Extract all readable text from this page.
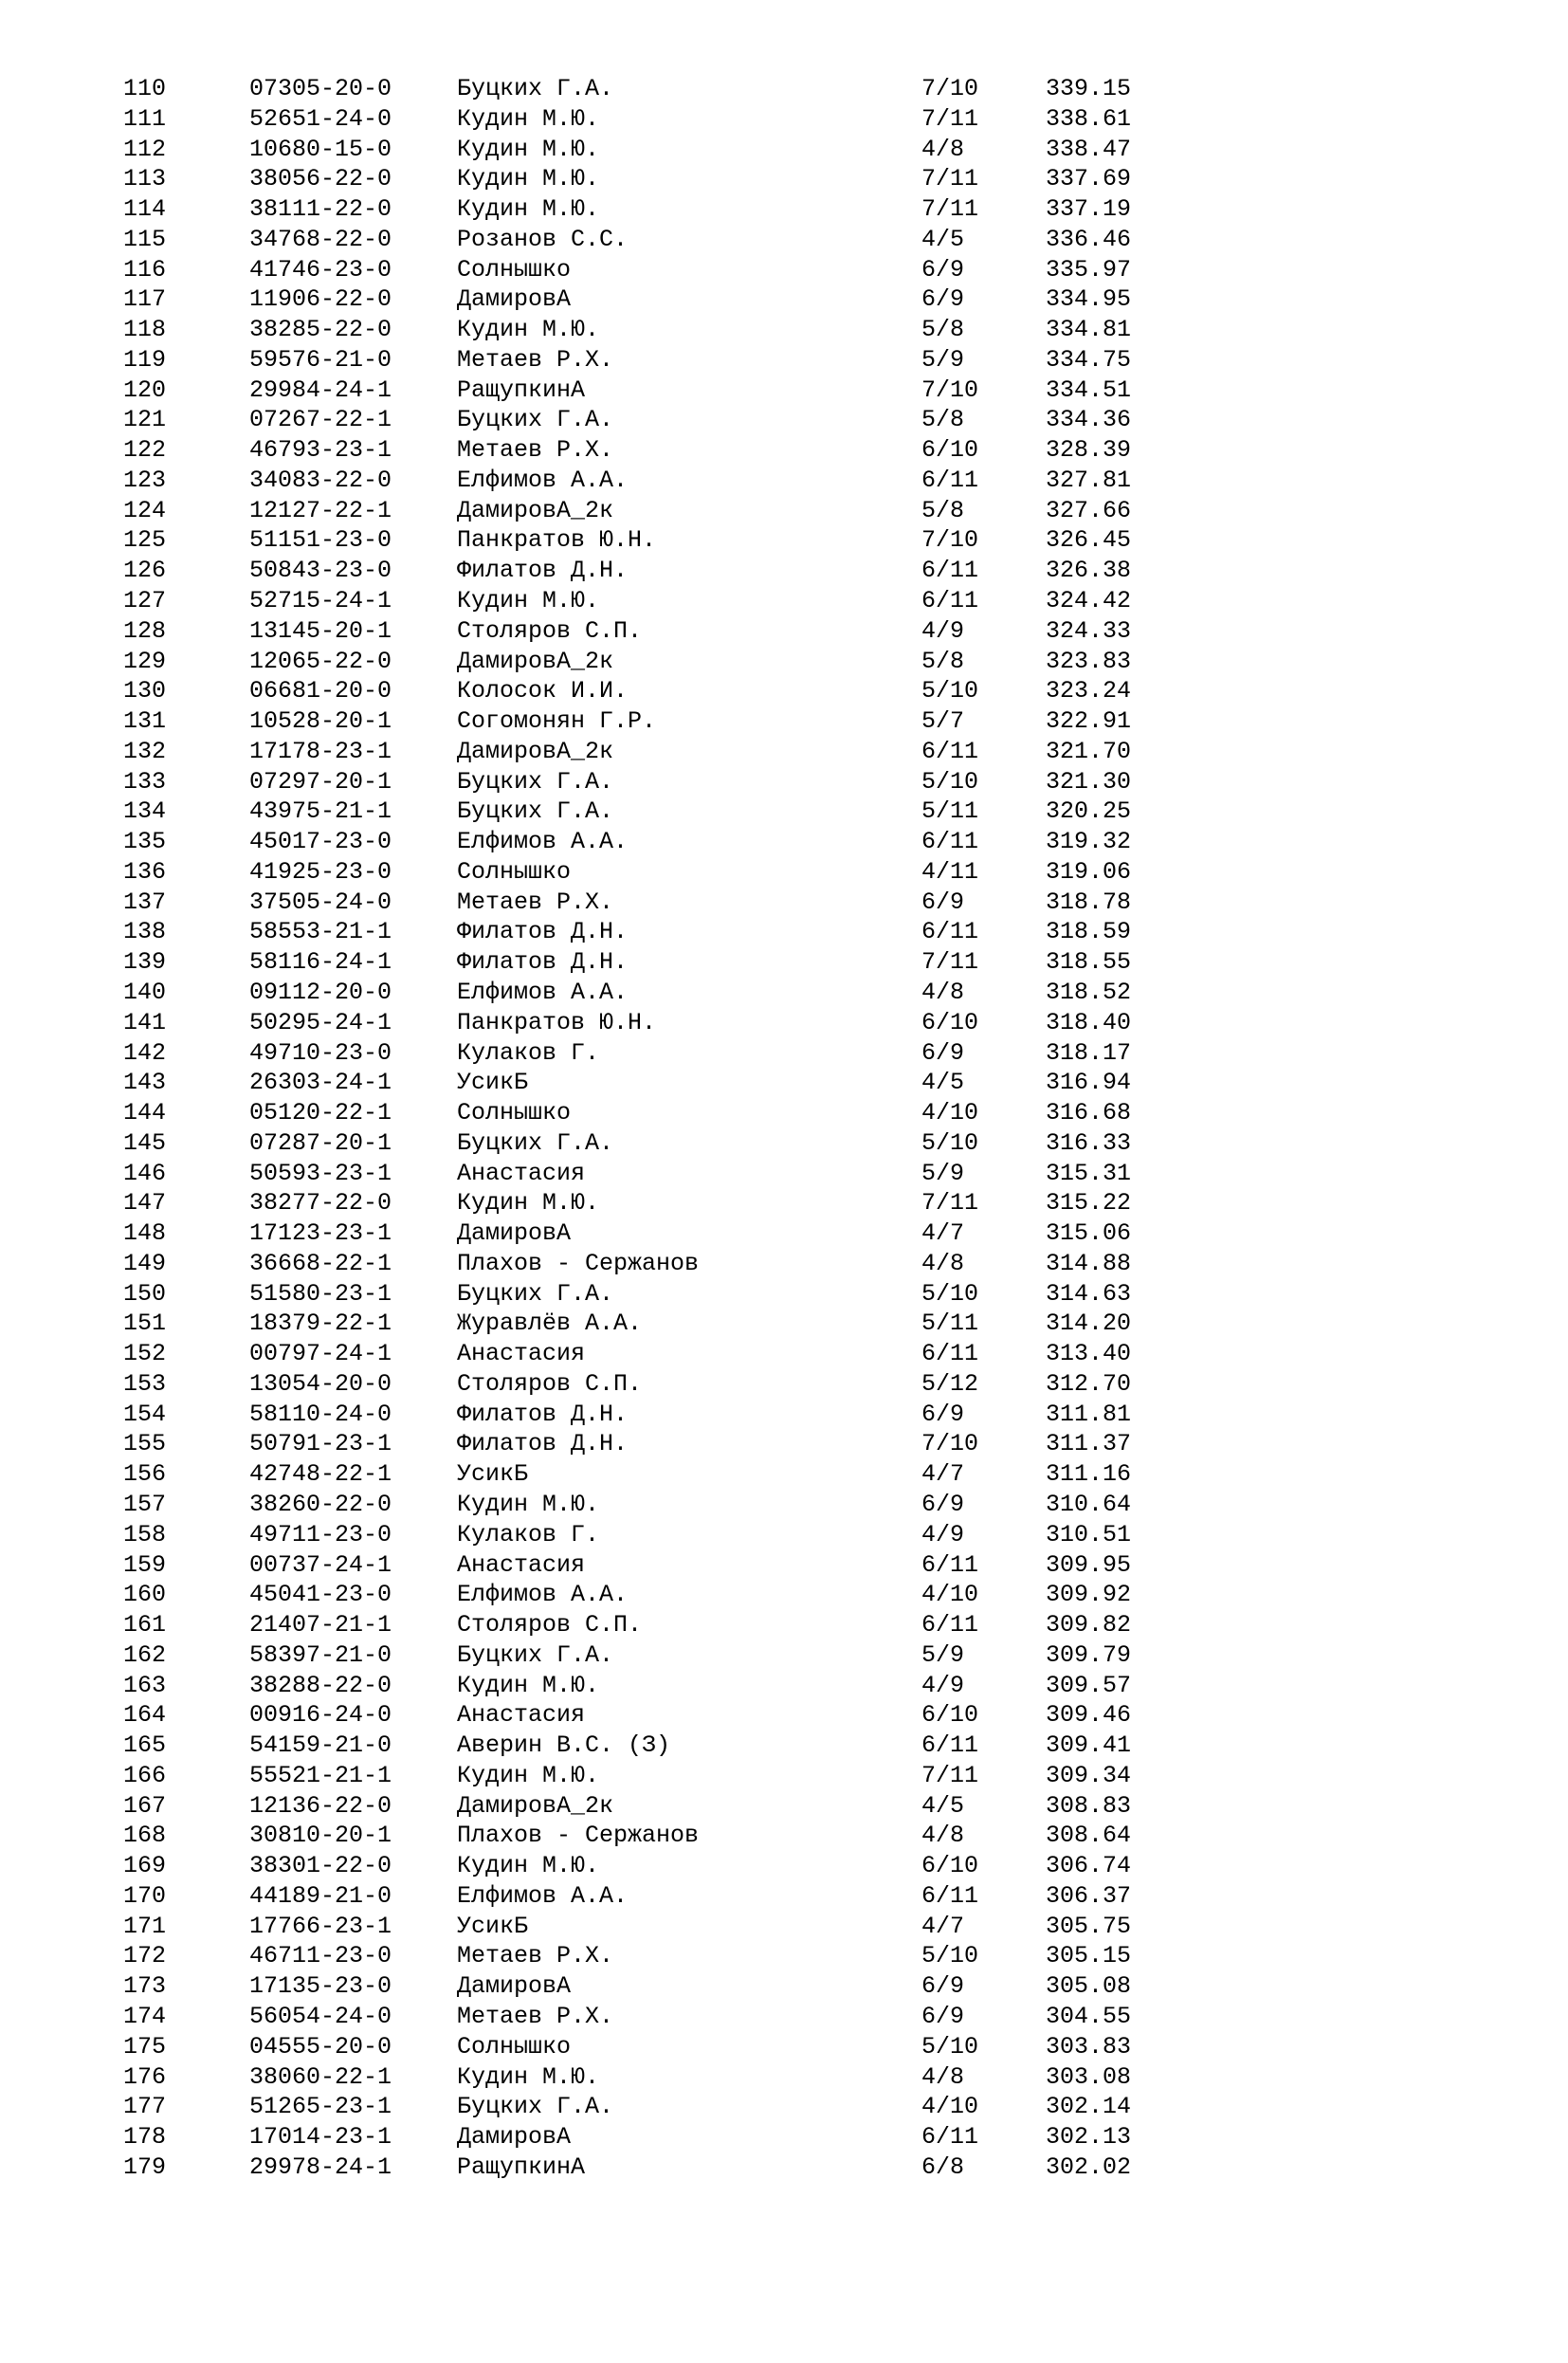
110

	07305-20-0

	Буцких Г.А.

	7/10

	339.15

111

	52651-24-0

	Кудин М.Ю.

	7/11

	338.61

112

	10680-15-0

	Кудин М.Ю.

	4/8

	338.47

113

	38056-22-0

	Кудин М.Ю.

	7/11

	337.69

114

	38111-22-0

	Кудин М.Ю.

	7/11

	337.19

115

	34768-22-0

	Розанов С.С.

	4/5

	336.46

116

	41746-23-0

	Солнышко

	6/9

	335.97

117

	11906-22-0

	ДамировА

	6/9

	334.95

118

	38285-22-0

	Кудин М.Ю.

	5/8

	334.81

119

	59576-21-0

	Метаев Р.Х.

	5/9

	334.75

120

	29984-24-1

	РащупкинА

	7/10

	334.51

121

	07267-22-1

	Буцких Г.А.

	5/8

	334.36

122

	46793-23-1

	Метаев Р.Х.

	6/10

	328.39

123

	34083-22-0

	Елфимов А.А.

	6/11

	327.81

124

	12127-22-1

	ДамировА_2к

	5/8

	327.66

125

	51151-23-0

	Панкратов Ю.Н.

	7/10

	326.45

126

	50843-23-0

	Филатов Д.Н.

	6/11

	326.38

127

	52715-24-1

	Кудин М.Ю.

	6/11

	324.42

128

	13145-20-1

	Столяров С.П.

	4/9

	324.33

129

	12065-22-0

	ДамировА_2к

	5/8

	323.83

130

	06681-20-0

	Колосок И.И.

	5/10

	323.24

131

	10528-20-1

	Согомонян Г.Р.

	5/7

	322.91

132

	17178-23-1

	ДамировА_2к

	6/11

	321.70

133

	07297-20-1

	Буцких Г.А.

	5/10

	321.30

134

	43975-21-1

	Буцких Г.А.

	5/11

	320.25

135

	45017-23-0

	Елфимов А.А.

	6/11

	319.32

136

	41925-23-0

	Солнышко

	4/11

	319.06

137

	37505-24-0

	Метаев Р.Х.

	6/9

	318.78

138

	58553-21-1

	Филатов Д.Н.

	6/11

	318.59

139

	58116-24-1

	Филатов Д.Н.

	7/11

	318.55

140

	09112-20-0

	Елфимов А.А.

	4/8

	318.52

141

	50295-24-1

	Панкратов Ю.Н.

	6/10

	318.40

142

	49710-23-0

	Кулаков Г.

	6/9

	318.17

143

	26303-24-1

	УсикБ

	4/5

	316.94

144

	05120-22-1

	Солнышко

	4/10

	316.68

145

	07287-20-1

	Буцких Г.А.

	5/10

	316.33

146

	50593-23-1

	Анастасия

	5/9

	315.31

147

	38277-22-0

	Кудин М.Ю.

	7/11

	315.22

148

	17123-23-1

	ДамировА

	4/7

	315.06

149

	36668-22-1

	Плахов - Сержанов

	4/8

	314.88

150

	51580-23-1

	Буцких Г.А.

	5/10

	314.63

151

	18379-22-1

	Журавлёв А.А.

	5/11

	314.20

152

	00797-24-1

	Анастасия

	6/11

	313.40

153

	13054-20-0

	Столяров С.П.

	5/12

	312.70

154

	58110-24-0

	Филатов Д.Н.

	6/9

	311.81

155

	50791-23-1

	Филатов Д.Н.

	7/10

	311.37

156

	42748-22-1

	УсикБ

	4/7

	311.16

157

	38260-22-0

	Кудин М.Ю.

	6/9

	310.64

158

	49711-23-0

	Кулаков Г.

	4/9

	310.51

159

	00737-24-1

	Анастасия

	6/11

	309.95

160

	45041-23-0

	Елфимов А.А.

	4/10

	309.92

161

	21407-21-1

	Столяров С.П.

	6/11

	309.82

162

	58397-21-0

	Буцких Г.А.

	5/9

	309.79

163

	38288-22-0

	Кудин М.Ю.

	4/9

	309.57

164

	00916-24-0

	Анастасия

	6/10

	309.46

165

	54159-21-0

	Аверин В.С. (З)

	6/11

	309.41

166

	55521-21-1

	Кудин М.Ю.

	7/11

	309.34

167

	12136-22-0

	ДамировА_2к

	4/5

	308.83

168

	30810-20-1

	Плахов - Сержанов

	4/8

	308.64

169

	38301-22-0

	Кудин М.Ю.

	6/10

	306.74

170

	44189-21-0

	Елфимов А.А.

	6/11

	306.37

171

	17766-23-1

	УсикБ

	4/7

	305.75

172

	46711-23-0

	Метаев Р.Х.

	5/10

	305.15

173

	17135-23-0

	ДамировА

	6/9

	305.08

174

	56054-24-0

	Метаев Р.Х.

	6/9

	304.55

175

	04555-20-0

	Солнышко

	5/10

	303.83

176

	38060-22-1

	Кудин М.Ю.

	4/8

	303.08

177

	51265-23-1

	Буцких Г.А.

	4/10

	302.14

178

	17014-23-1

	ДамировА

	6/11

	302.13

179

	29978-24-1

	РащупкинА

	6/8

	302.02
